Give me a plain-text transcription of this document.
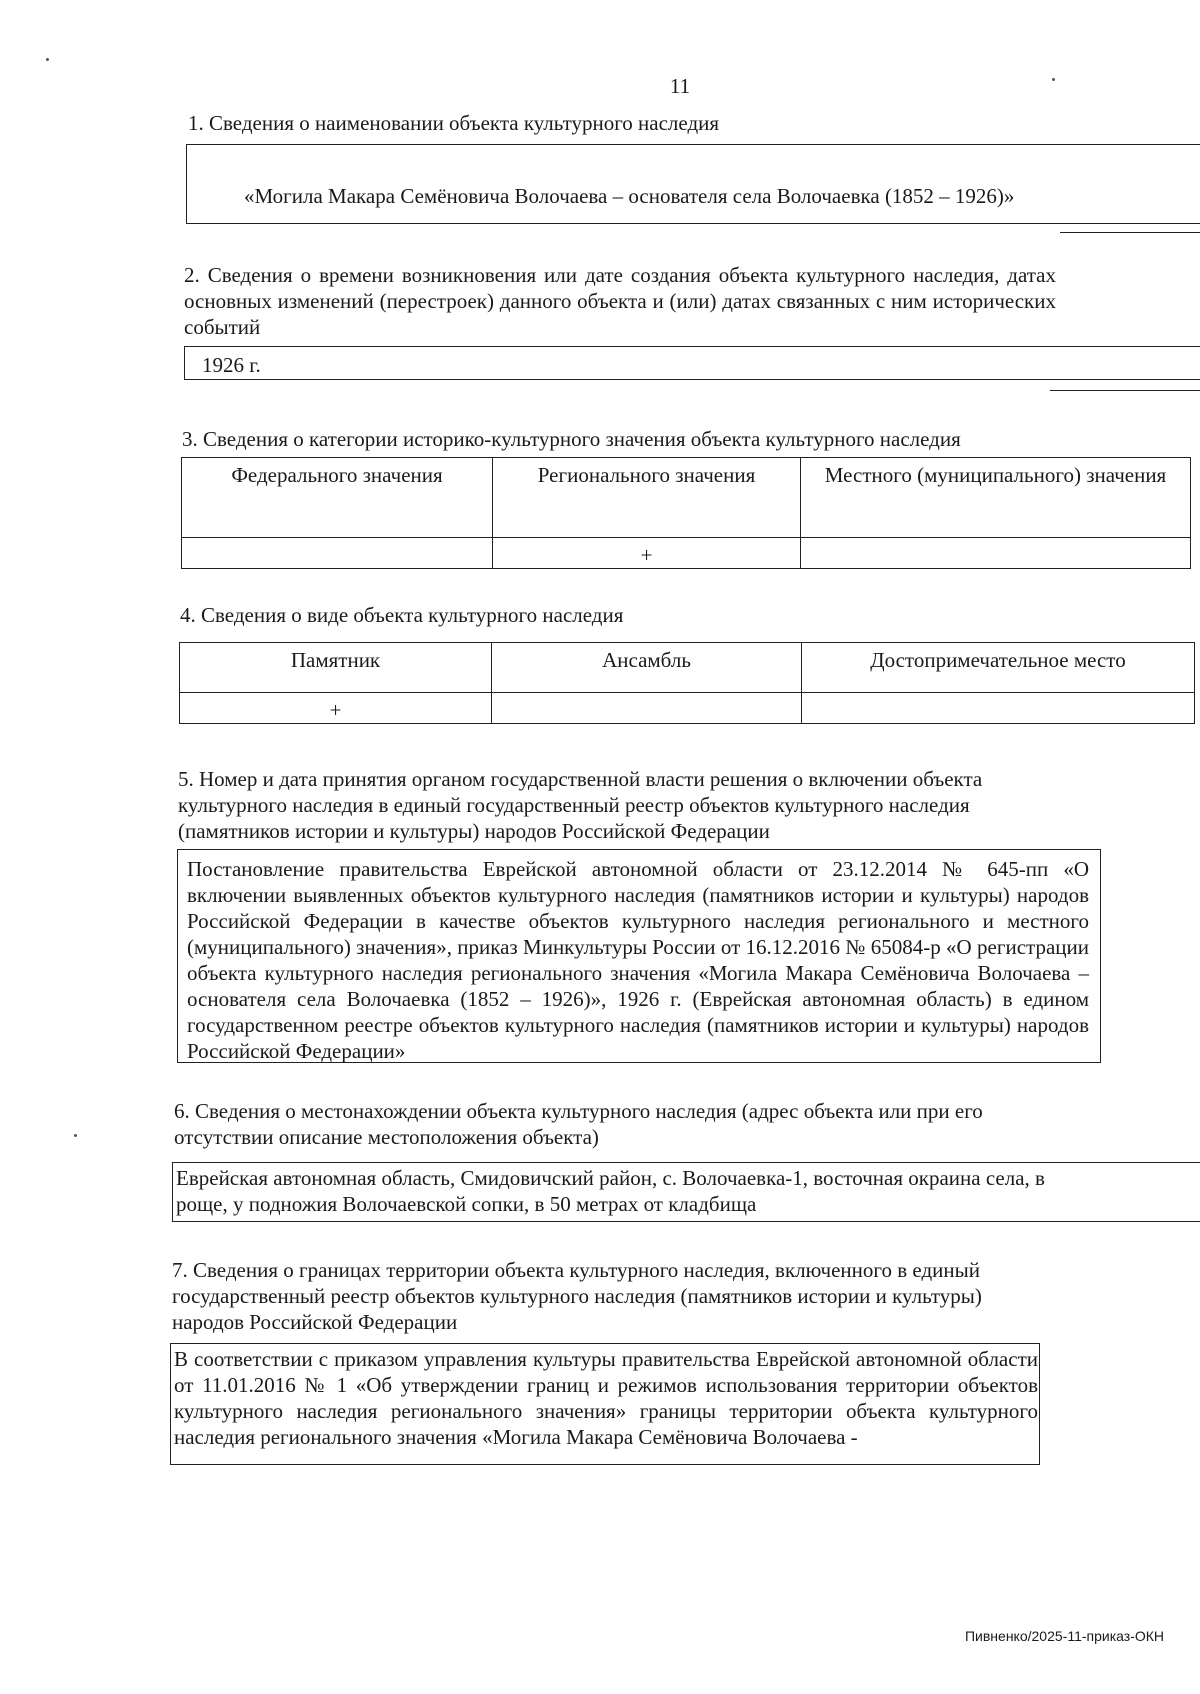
11
1. Сведения о наименовании объекта культурного наследия
«Могила Макара Семёновича Волочаева – основателя села Волочаевка (1852 – 1926)»
2. Сведения о времени возникновения или дате создания объекта культурного наследия, датах основных изменений (перестроек) данного объекта и (или) датах связанных с ним исторических событий
1926 г.
3. Сведения о категории историко-культурного значения объекта культурного наследия
Федерального значения	Регионального значения	Местного (муниципального) значения
	+	
4. Сведения о виде объекта культурного наследия
Памятник	Ансамбль	Достопримечательное место
+		
5. Номер и дата принятия органом государственной власти решения о включении объекта культурного наследия в единый государственный реестр объектов культурного наследия (памятников истории и культуры) народов Российской Федерации
Постановление правительства Еврейской автономной области от 23.12.2014 № 645-пп «О включении выявленных объектов культурного наследия (памятников истории и культуры) народов Российской Федерации в качестве объектов культурного наследия регионального и местного (муниципального) значения», приказ Минкультуры России от 16.12.2016 № 65084-р «О регистрации объекта культурного наследия регионального значения «Могила Макара Семёновича Волочаева – основателя села Волочаевка (1852 – 1926)», 1926 г. (Еврейская автономная область) в едином государственном реестре объектов культурного наследия (памятников истории и культуры) народов Российской Федерации»
6. Сведения о местонахождении объекта культурного наследия (адрес объекта или при его отсутствии описание местоположения объекта)
Еврейская автономная область, Смидовичский район, с. Волочаевка-1, восточная окраина села, в роще, у подножия Волочаевской сопки, в 50 метрах от кладбища
7. Сведения о границах территории объекта культурного наследия, включенного в единый государственный реестр объектов культурного наследия (памятников истории и культуры) народов Российской Федерации
В соответствии с приказом управления культуры правительства Еврейской автономной области от 11.01.2016 № 1 «Об утверждении границ и режимов использования территории объектов культурного наследия регионального значения» границы территории объекта культурного наследия регионального значения «Могила Макара Семёновича Волочаева -
Пивненко/2025-11-приказ-ОКН
